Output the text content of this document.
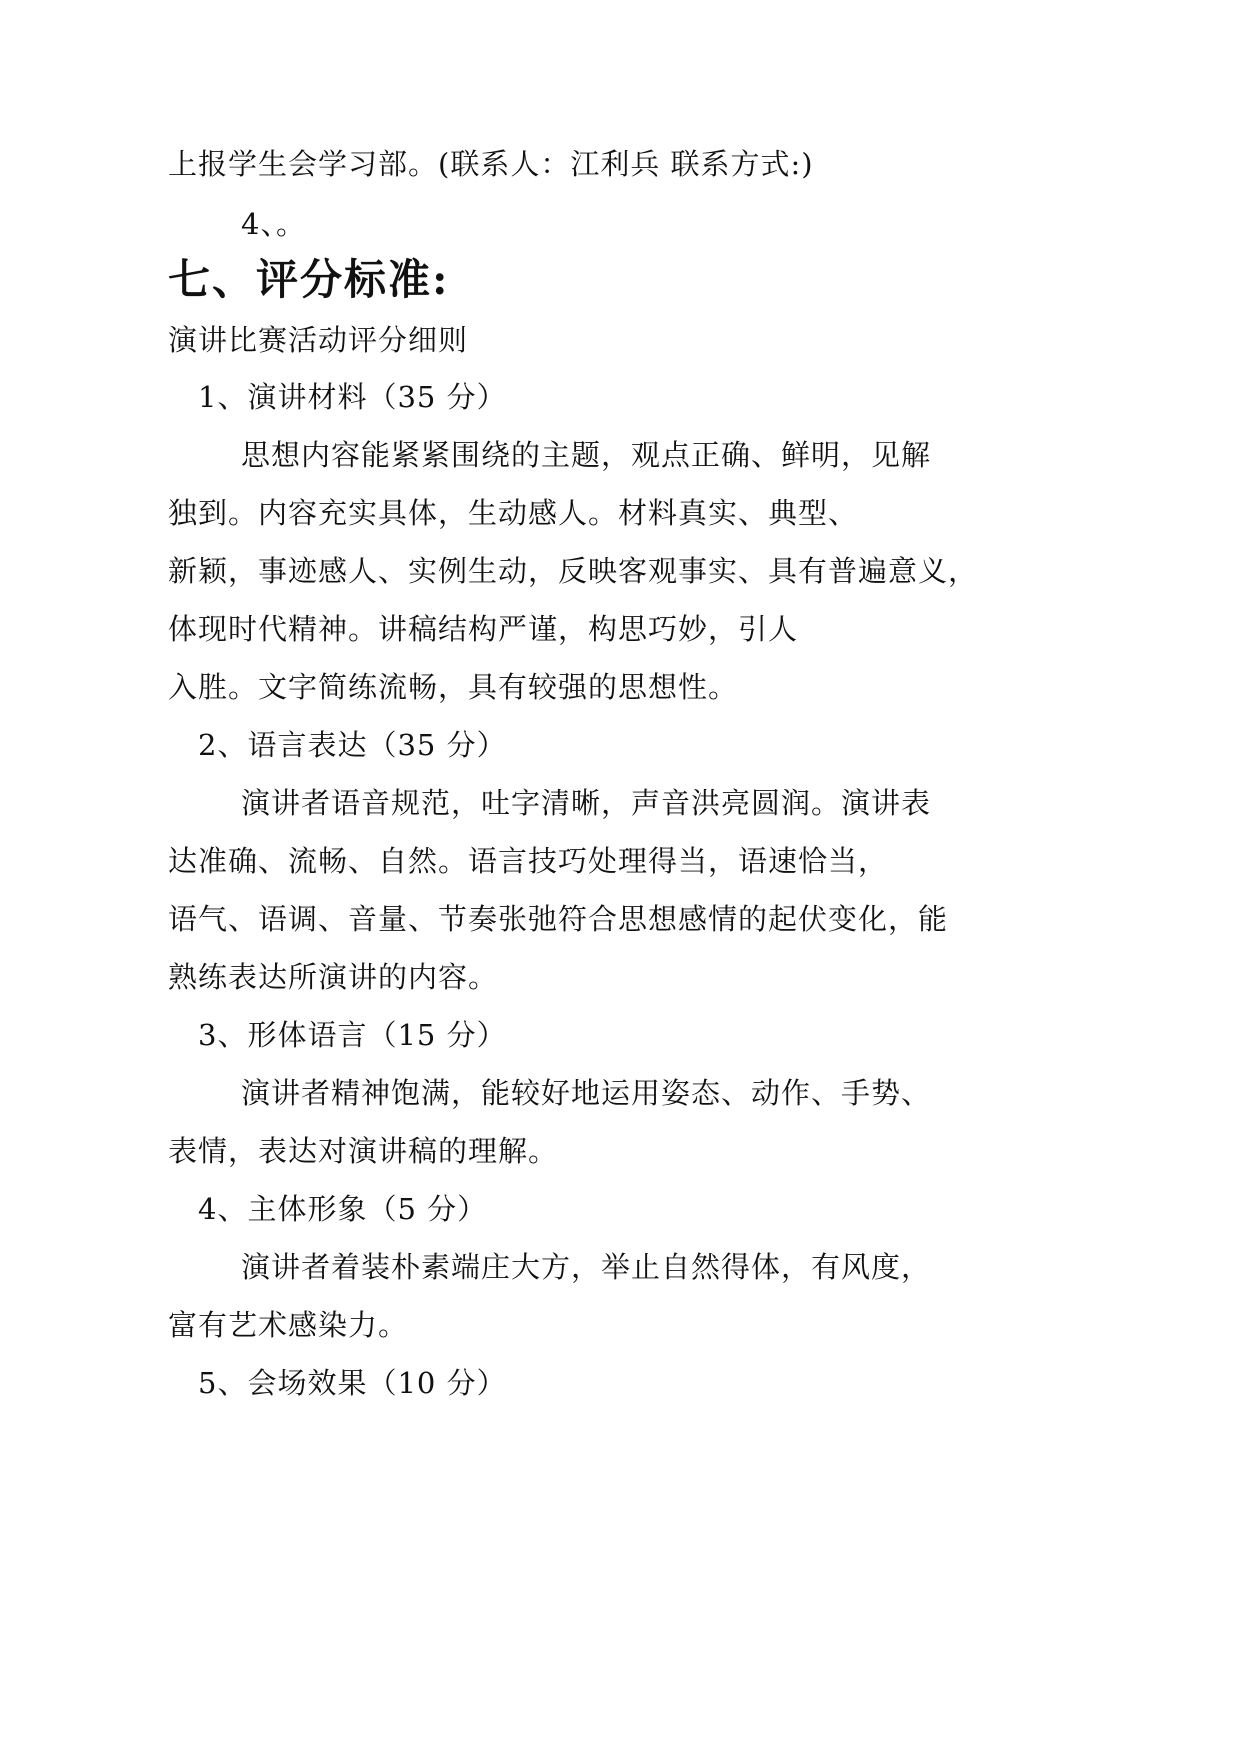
上报学生会学习部。(联系人：江利兵 联系方式:)
4、。
七、评分标准:
演讲比赛活动评分细则
1、演讲材料（35 分）
思想内容能紧紧围绕的主题，观点正确、鲜明，见解
独到。内容充实具体，生动感人。材料真实、典型、
新颖，事迹感人、实例生动，反映客观事实、具有普遍意义，
体现时代精神。讲稿结构严谨，构思巧妙，引人
入胜。文字简练流畅，具有较强的思想性。
2、语言表达（35 分）
演讲者语音规范，吐字清晰，声音洪亮圆润。演讲表
达准确、流畅、自然。语言技巧处理得当，语速恰当，
语气、语调、音量、节奏张弛符合思想感情的起伏变化，能
熟练表达所演讲的内容。
3、形体语言（15 分）
演讲者精神饱满，能较好地运用姿态、动作、手势、
表情，表达对演讲稿的理解。
4、主体形象（5 分）
演讲者着装朴素端庄大方，举止自然得体，有风度，
富有艺术感染力。
5、会场效果（10 分）
